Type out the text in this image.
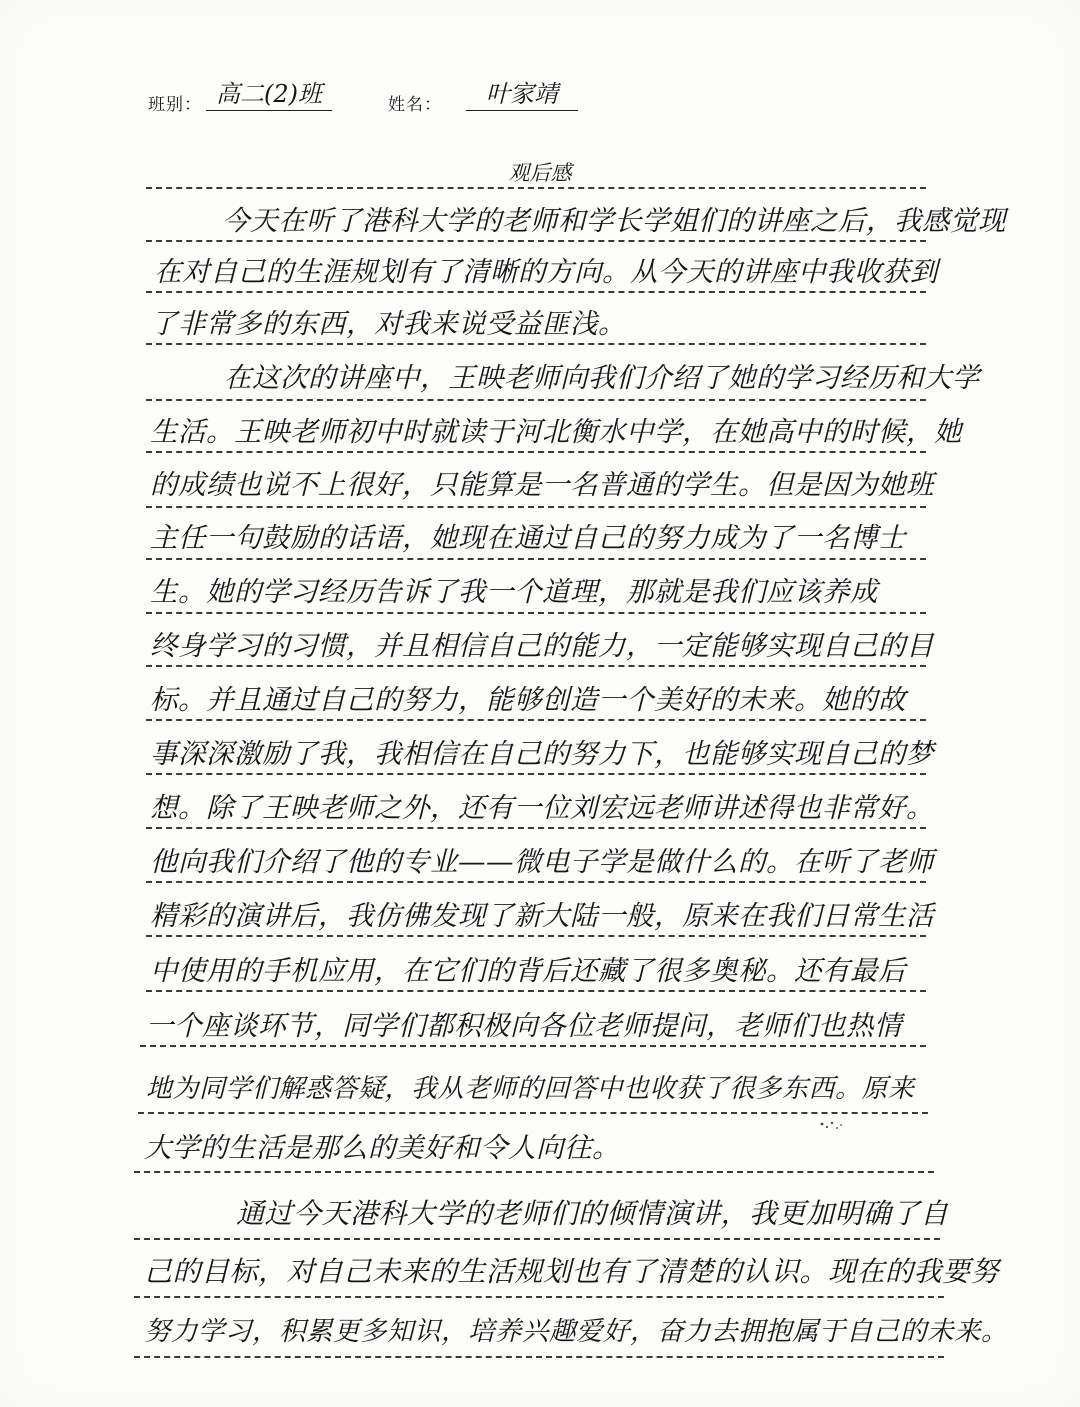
班别： 高二(2)班	姓名：	叶家靖
观后感
今天在听了港科大学的老师和学长学姐们的讲座之后，我感觉现
在对自己的生涯规划有了清晰的方向。从今天的讲座中我收获到
了非常多的东西，对我来说受益匪浅。
在这次的讲座中，王映老师向我们介绍了她的学习经历和大学
生活。王映老师初中时就读于河北衡水中学，在她高中的时候，她
的成绩也说不上很好，只能算是一名普通的学生。但是因为她班
主任一句鼓励的话语，她现在通过自己的努力成为了一名博士
生。她的学习经历告诉了我一个道理，那就是我们应该养成
终身学习的习惯，并且相信自己的能力，一定能够实现自己的目
标。并且通过自己的努力，能够创造一个美好的未来。她的故
事深深激励了我，我相信在自己的努力下，也能够实现自己的梦
想。除了王映老师之外，还有一位刘宏远老师讲述得也非常好。
他向我们介绍了他的专业——微电子学是做什么的。在听了老师
精彩的演讲后，我仿佛发现了新大陆一般，原来在我们日常生活
中使用的手机应用，在它们的背后还藏了很多奥秘。还有最后
一个座谈环节，同学们都积极向各位老师提问，老师们也热情
地为同学们解惑答疑，我从老师的回答中也收获了很多东西。原来
大学的生活是那么的美好和令人向往。
通过今天港科大学的老师们的倾情演讲，我更加明确了自
己的目标，对自己未来的生活规划也有了清楚的认识。现在的我要努
努力学习，积累更多知识，培养兴趣爱好，奋力去拥抱属于自己的未来。
